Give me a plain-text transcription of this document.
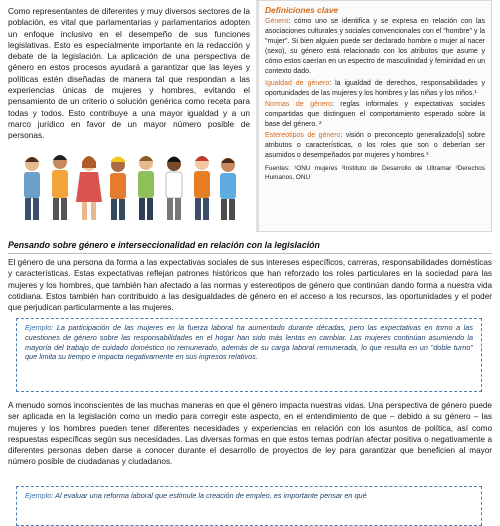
Como representantes de diferentes y muy diversos sectores de la población, es vital que parlamentarias y parlamentarios adopten un enfoque inclusivo en el desempeño de sus funciones legislativas. Esto es especialmente importante en la redacción y debate de la legislación. La aplicación de una perspectiva de género en estos procesos ayudará a garantizar que las leyes y políticas estén diseñadas de manera tal que respondan a las experiencias únicas de mujeres y hombres, evitando el pensamiento de un criterio o solución genérica como receta para todas y todos. Esto contribuye a una mayor igualdad y a un marco jurídico en favor de un mayor número posible de personas.
Definiciones clave

Género: cómo uno se identifica y se expresa en relación con las asociaciones culturales y sociales convencionales con el "hombre" y la "mujer". Si bien alguien puede ser declarado hombre o mujer al nacer (sexo), su género está relacionado con los atributos que asume y cómo estos caerían en un espectro de masculinidad y feminidad en un contexto dado.

Igualdad de género: la igualdad de derechos, responsabilidades y oportunidades de las mujeres y los hombres y las niñas y los niños.¹

Normas de género: reglas informales y expectativas sociales compartidas que distinguen el comportamiento esperado sobre la base del género. ²

Estereotipos de género: visión o preconcepto generalizado[s] sobre atributos o características, o los roles que son o deberían ser asumidos o desempeñados por mujeres y hombres.³

Fuentes: ¹ONU mujeres ²Instituto de Desarrollo de Ultramar ³Derechos Humanos, ONU
Pensando sobre género e interseccionalidad en relación con la legislación
El género de una persona da forma a las expectativas sociales de sus intereses específicos, carreras, responsabilidades domésticas y características. Estas expectativas reflejan patrones históricos que han reforzado los roles particulares en la sociedad para las mujeres y los hombres, que también han afectado a las normas y estereotipos de género que continúan dando forma a nuestra vida cotidiana. Estos también han contribuido a las desigualdades de género en el acceso a los recursos, las oportunidades y el poder que perjudican particularmente a las mujeres.
Ejemplo: La participación de las mujeres en la fuerza laboral ha aumentado durante décadas, pero las expectativas en torno a las cuestiones de género sobre las responsabilidades en el hogar han sido más lentas en cambiar. Las mujeres continúan asumiendo la mayoría del trabajo de cuidado doméstico no remunerado, además de su carga laboral remunerada, lo que resulta en un "doble turno" que limita su tiempo e impacta negativamente en sus ingresos relativos.
A menudo somos inconscientes de las muchas maneras en que el género impacta nuestras vidas. Una perspectiva de género puede ser aplicada en la legislación como un medio para corregir este aspecto, en el entendimiento de que – debido a su género – las mujeres y los hombres pueden tener diferentes necesidades y experiencias en relación con los asuntos de política, así como respuestas específicas según sus necesidades. Las diversas formas en que estos temas podrían afectar positiva o negativamente a diferentes personas deben darse a conocer durante el desarrollo de proyectos de ley para garantizar que beneficien al mayor número posible de ciudadanas y ciudadanos.
Ejemplo: Al evaluar una reforma laboral que estimule la creación de empleo, es importante pensar en qué
